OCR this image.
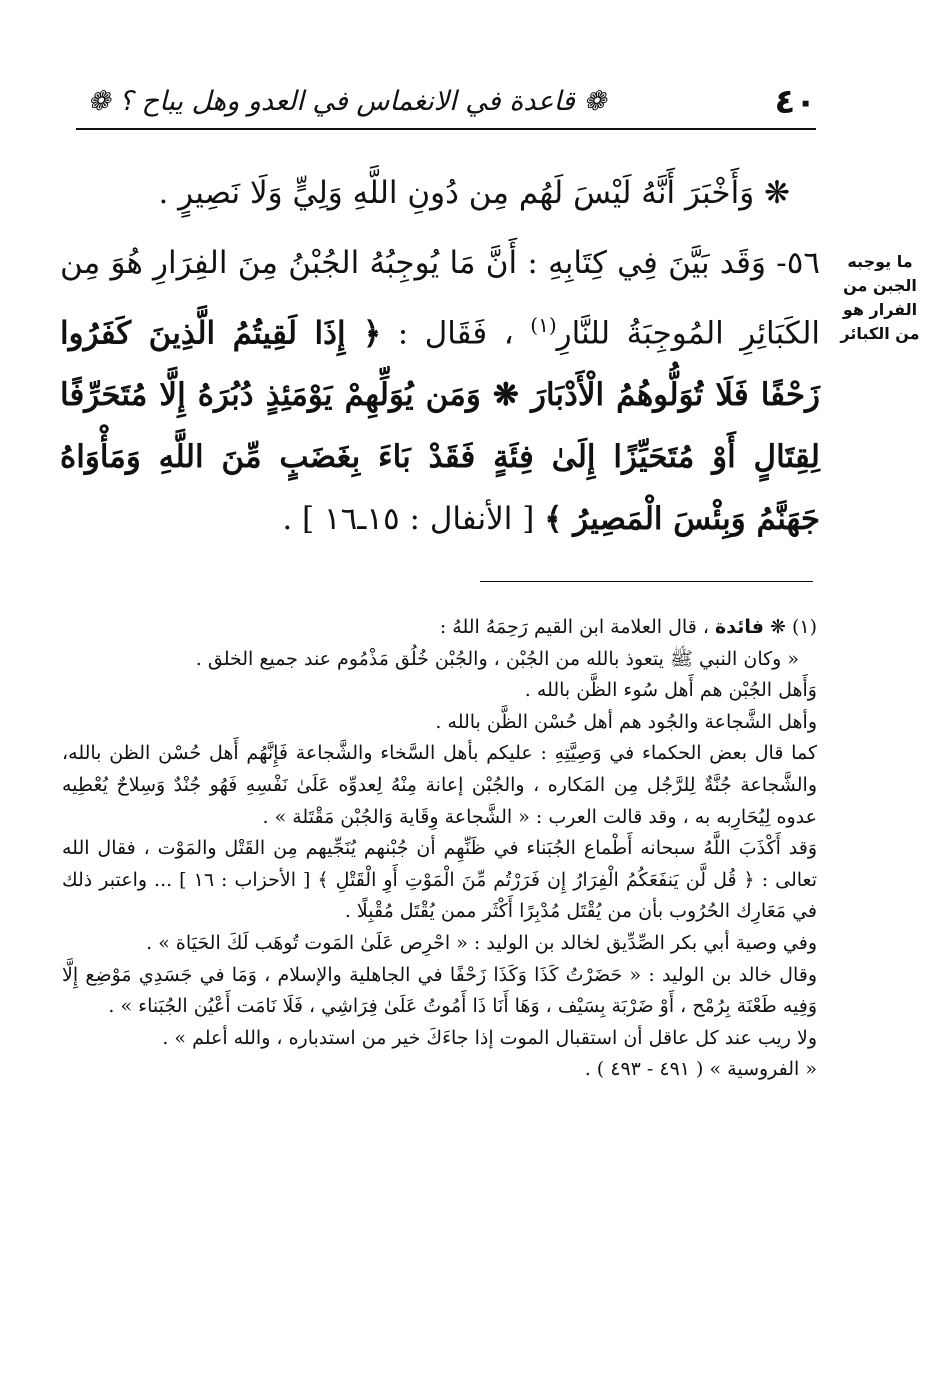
٤٠
❁ قاعدة في الانغماس في العدو وهل يباح ؟ ❁
ما يوجبه
الجبن من
الفرار هو
من الكبائر

❋ وَأَخْبَرَ أَنَّهُ لَيْسَ لَهُم مِن دُونِ اللَّهِ وَلِيٍّ وَلَا نَصِيرٍ .

٥٦- وَقَد بَيَّنَ فِي كِتَابِهِ : أَنَّ مَا يُوجِبُهُ الجُبْنُ مِنَ الفِرَارِ هُوَ مِن الكَبَائِرِ المُوجِبَةُ للنَّارِ$^{(١)}$ ، فَقَال : ﴿ إِذَا لَقِيتُمُ الَّذِينَ كَفَرُوا زَحْفًا فَلَا تُوَلُّوهُمُ الْأَدْبَارَ ❋ وَمَن يُوَلِّهِمْ يَوْمَئِذٍ دُبُرَهُ إِلَّا مُتَحَرِّفًا لِقِتَالٍ أَوْ مُتَحَيِّزًا إِلَىٰ فِئَةٍ فَقَدْ بَاءَ بِغَضَبٍ مِّنَ اللَّهِ وَمَأْوَاهُ جَهَنَّمُ وَبِئْسَ الْمَصِيرُ ﴾ [ الأنفال : ١٥ـ١٦ ] .

(١) ❋ فائدة ، قال العلامة ابن القيم رَحِمَهُ اللهُ :

« وكان النبي ﷺ يتعوذ بالله من الجُبْن ، والجُبْن خُلُق مَذْمُوم عند جميع الخلق .

وَأَهل الجُبْن هم أَهل سُوء الظَّن بالله .

وأهل الشَّجاعة والجُود هم أهل حُسْن الظَّن بالله .

كما قال بعض الحكماء في وَصِيَّتِهِ : عليكم بأهل السَّخاء والشَّجاعة فَإِنَّهُم أَهل حُسْن الظن بالله، والشَّجاعة جُنَّةٌ لِلرَّجُل مِن المَكاره ، والجُبْن إعانة مِنْهُ لِعدوِّه عَلَىٰ نَفْسِهِ فَهُو جُنْدٌ وَسِلاحٌ يُعْطِيه عدوه لِيُحَارِبه به ، وقد قالت العرب : « الشَّجاعة وِقَاية وَالجُبْن مَقْتَلة » .

وَقد أَكْذَبَ اللَّهُ سبحانه أَطْماع الجُبَناء في ظَنِّهِم أن جُبْنهم يُنَجِّيهم مِن القَتْل والمَوْت ، فقال الله تعالى : ﴿ قُل لَّن يَنفَعَكُمُ الْفِرَارُ إِن فَرَرْتُم مِّنَ الْمَوْتِ أَوِ الْقَتْلِ ﴾ [ الأحزاب : ١٦ ] ... واعتبر ذلك في مَعَارِك الحُرُوب بأن من يُقْتَل مُدْبِرًا أَكْثَر ممن يُقْتَل مُقْبِلًا .

وفي وصية أبي بكر الصِّدِّيق لخالد بن الوليد : « احْرِص عَلَىٰ المَوت تُوهَب لَكَ الحَيَاة » .

وقال خالد بن الوليد : « حَضَرْتُ كَذَا وَكَذَا زَحْفًا في الجاهلية والإسلام ، وَمَا في جَسَدِي مَوْضِع إِلَّا وَفِيه طَعْنَة بِرُمْح ، أَوْ ضَرْبَة بِسَيْف ، وَهَا أَنَا ذَا أَمُوتُ عَلَىٰ فِرَاشِي ، فَلَا نَامَت أَعْيُن الجُبَناء » .

ولا ريب عند كل عاقل أن استقبال الموت إذا جاءَكَ خير من استدباره ، والله أعلم » .

« الفروسية » ( ٤٩١ - ٤٩٣ ) .
